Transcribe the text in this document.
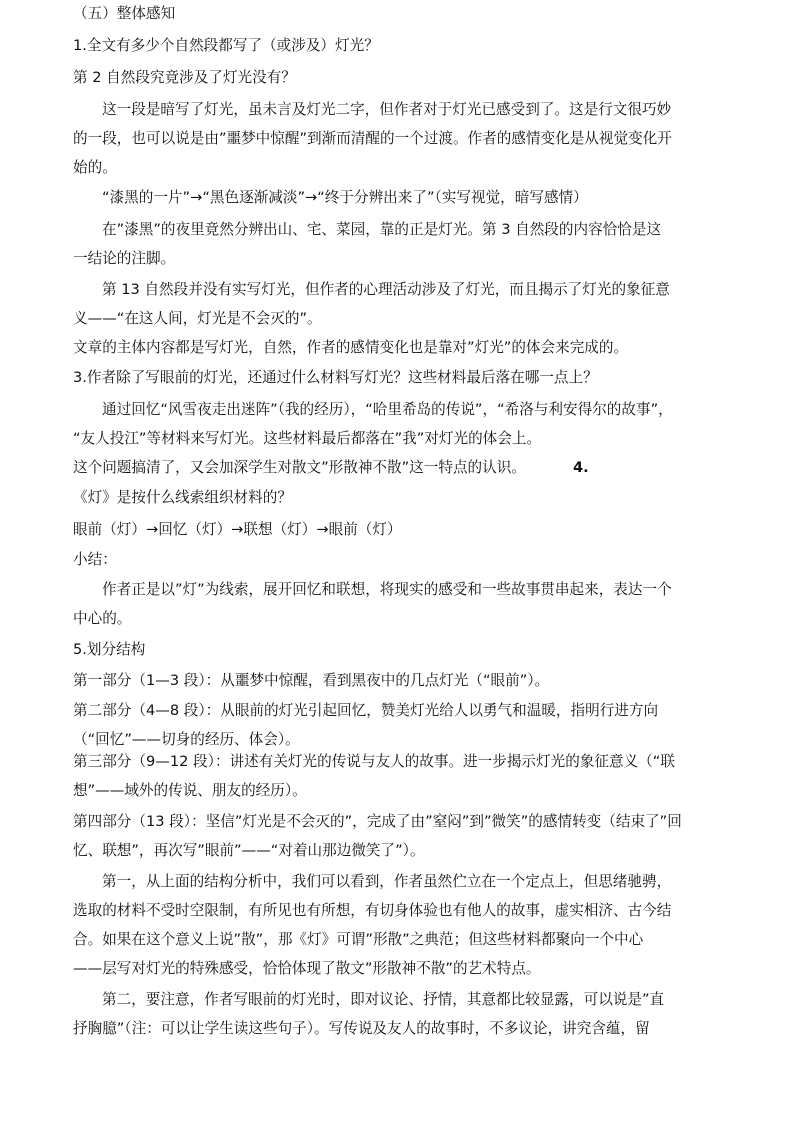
（五）整体感知
1.全文有多少个自然段都写了（或涉及）灯光？
第 2 自然段究竟涉及了灯光没有？
这一段是暗写了灯光，虽未言及灯光二字，但作者对于灯光已感受到了。这是行文很巧妙
的一段，也可以说是由”噩梦中惊醒”到渐而清醒的一个过渡。作者的感情变化是从视觉变化开
始的。
“漆黑的一片”→“黑色逐渐减淡”→“终于分辨出来了”（实写视觉，暗写感情）
在”漆黑”的夜里竟然分辨出山、宅、菜园，靠的正是灯光。第 3 自然段的内容恰恰是这
一结论的注脚。
第 13 自然段并没有实写灯光，但作者的心理活动涉及了灯光，而且揭示了灯光的象征意
义——“在这人间，灯光是不会灭的”。
文章的主体内容都是写灯光，自然，作者的感情变化也是靠对”灯光”的体会来完成的。
3.作者除了写眼前的灯光，还通过什么材料写灯光？这些材料最后落在哪一点上？
通过回忆“风雪夜走出迷阵”（我的经历），“哈里希岛的传说”，“希洛与利安得尔的故事”，
“友人投江”等材料来写灯光。这些材料最后都落在”我”对灯光的体会上。
这个问题搞清了，又会加深学生对散文”形散神不散”这一特点的认识。	4.
《灯》是按什么线索组织材料的？
眼前（灯）→回忆（灯）→联想（灯）→眼前（灯）
小结：
作者正是以”灯”为线索，展开回忆和联想，将现实的感受和一些故事贯串起来，表达一个
中心的。
5.划分结构
第一部分（1—3 段）：从噩梦中惊醒，看到黑夜中的几点灯光（“眼前”）。
第二部分（4—8 段）：从眼前的灯光引起回忆，赞美灯光给人以勇气和温暖，指明行进方向
（“回忆”——切身的经历、体会）。
第三部分（9—12 段）：讲述有关灯光的传说与友人的故事。进一步揭示灯光的象征意义（“联
想”——域外的传说、朋友的经历）。
第四部分（13 段）：坚信”灯光是不会灭的”，完成了由”窒闷”到”微笑”的感情转变（结束了”回
忆、联想”，再次写”眼前”——“对着山那边微笑了”）。
第一，从上面的结构分析中，我们可以看到，作者虽然伫立在一个定点上，但思绪驰骋，
选取的材料不受时空限制，有所见也有所想，有切身体验也有他人的故事，虚实相济、古今结
合。如果在这个意义上说”散”，那《灯》可谓”形散”之典范；但这些材料都聚向一个中心
——层写对灯光的特殊感受，恰恰体现了散文”形散神不散”的艺术特点。
第二，要注意，作者写眼前的灯光时，即对议论、抒情，其意都比较显露，可以说是”直
抒胸臆”（注：可以让学生读这些句子）。写传说及友人的故事时，不多议论，讲究含蕴，留
